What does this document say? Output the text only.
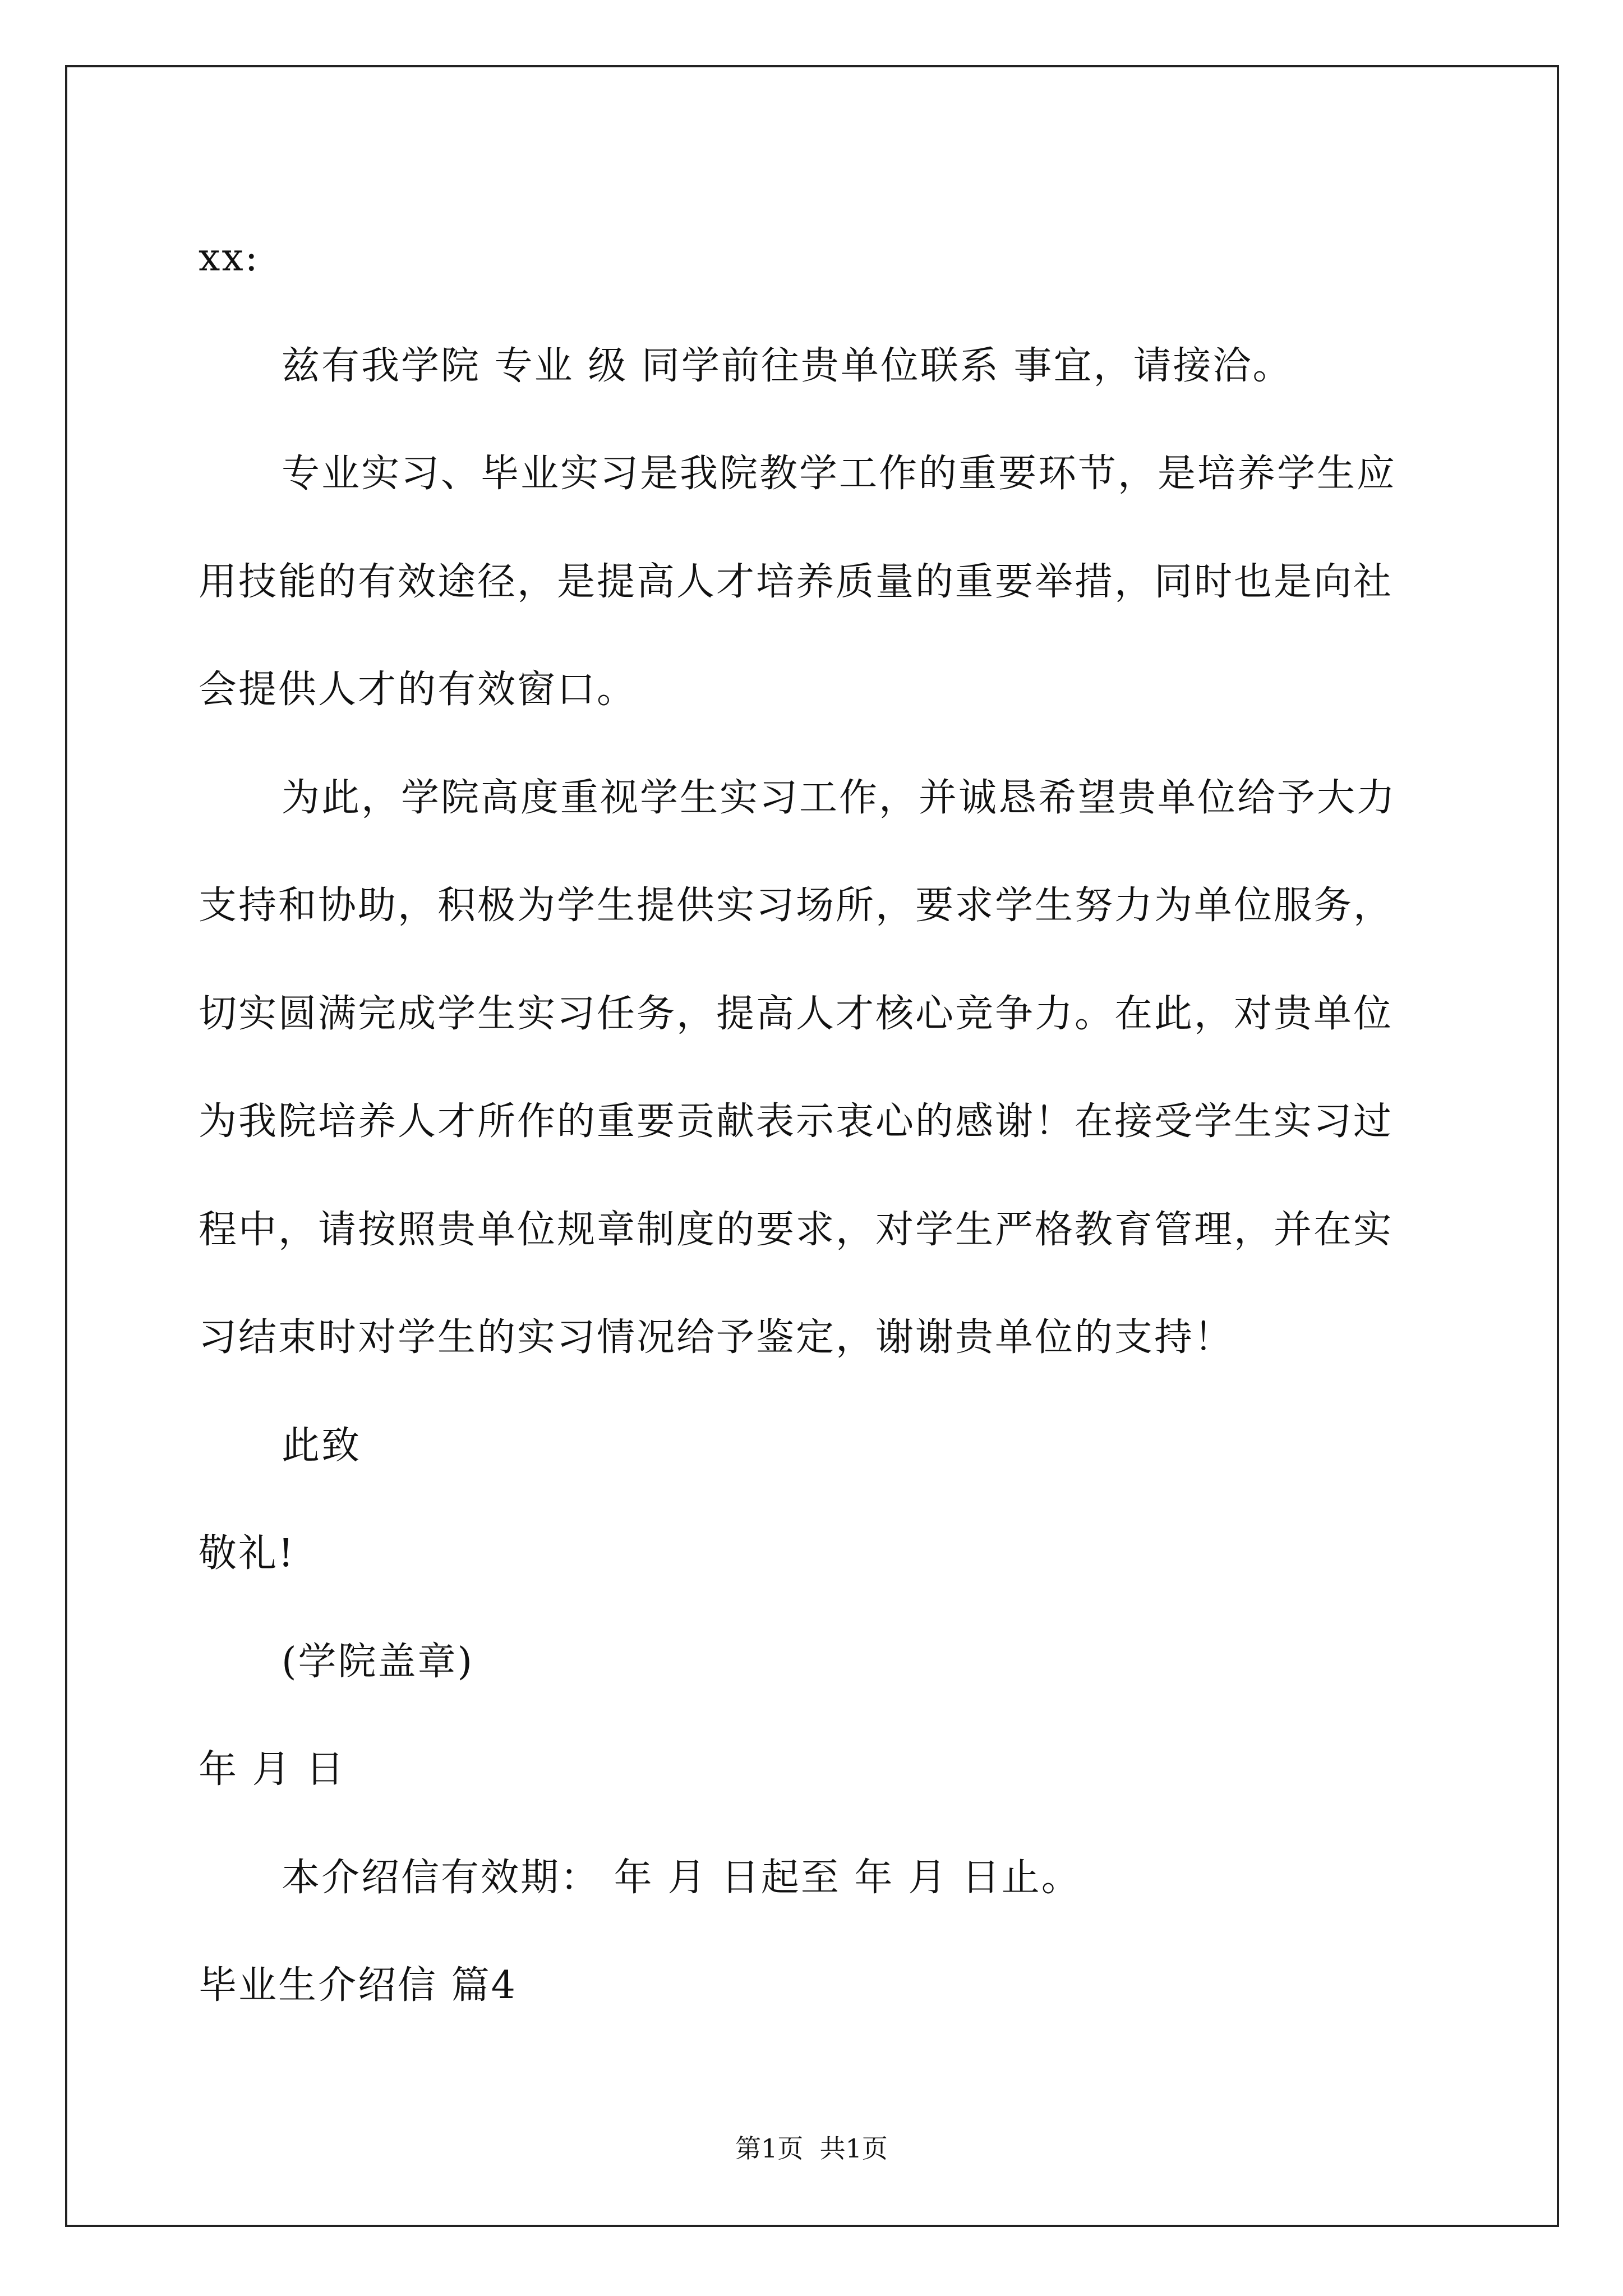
xx:
兹有我学院 专业 级 同学前往贵单位联系 事宜，请接洽。
专业实习、毕业实习是我院教学工作的重要环节，是培养学生应
用技能的有效途径，是提高人才培养质量的重要举措，同时也是向社
会提供人才的有效窗口。
为此，学院高度重视学生实习工作，并诚恳希望贵单位给予大力
支持和协助，积极为学生提供实习场所，要求学生努力为单位服务，
切实圆满完成学生实习任务，提高人才核心竞争力。在此，对贵单位
为我院培养人才所作的重要贡献表示衷心的感谢！在接受学生实习过
程中，请按照贵单位规章制度的要求，对学生严格教育管理，并在实
习结束时对学生的实习情况给予鉴定，谢谢贵单位的支持！
此致
敬礼!
(学院盖章)
年 月 日
本介绍信有效期： 年 月 日起至 年 月 日止。
毕业生介绍信 篇4
第1页  共1页
